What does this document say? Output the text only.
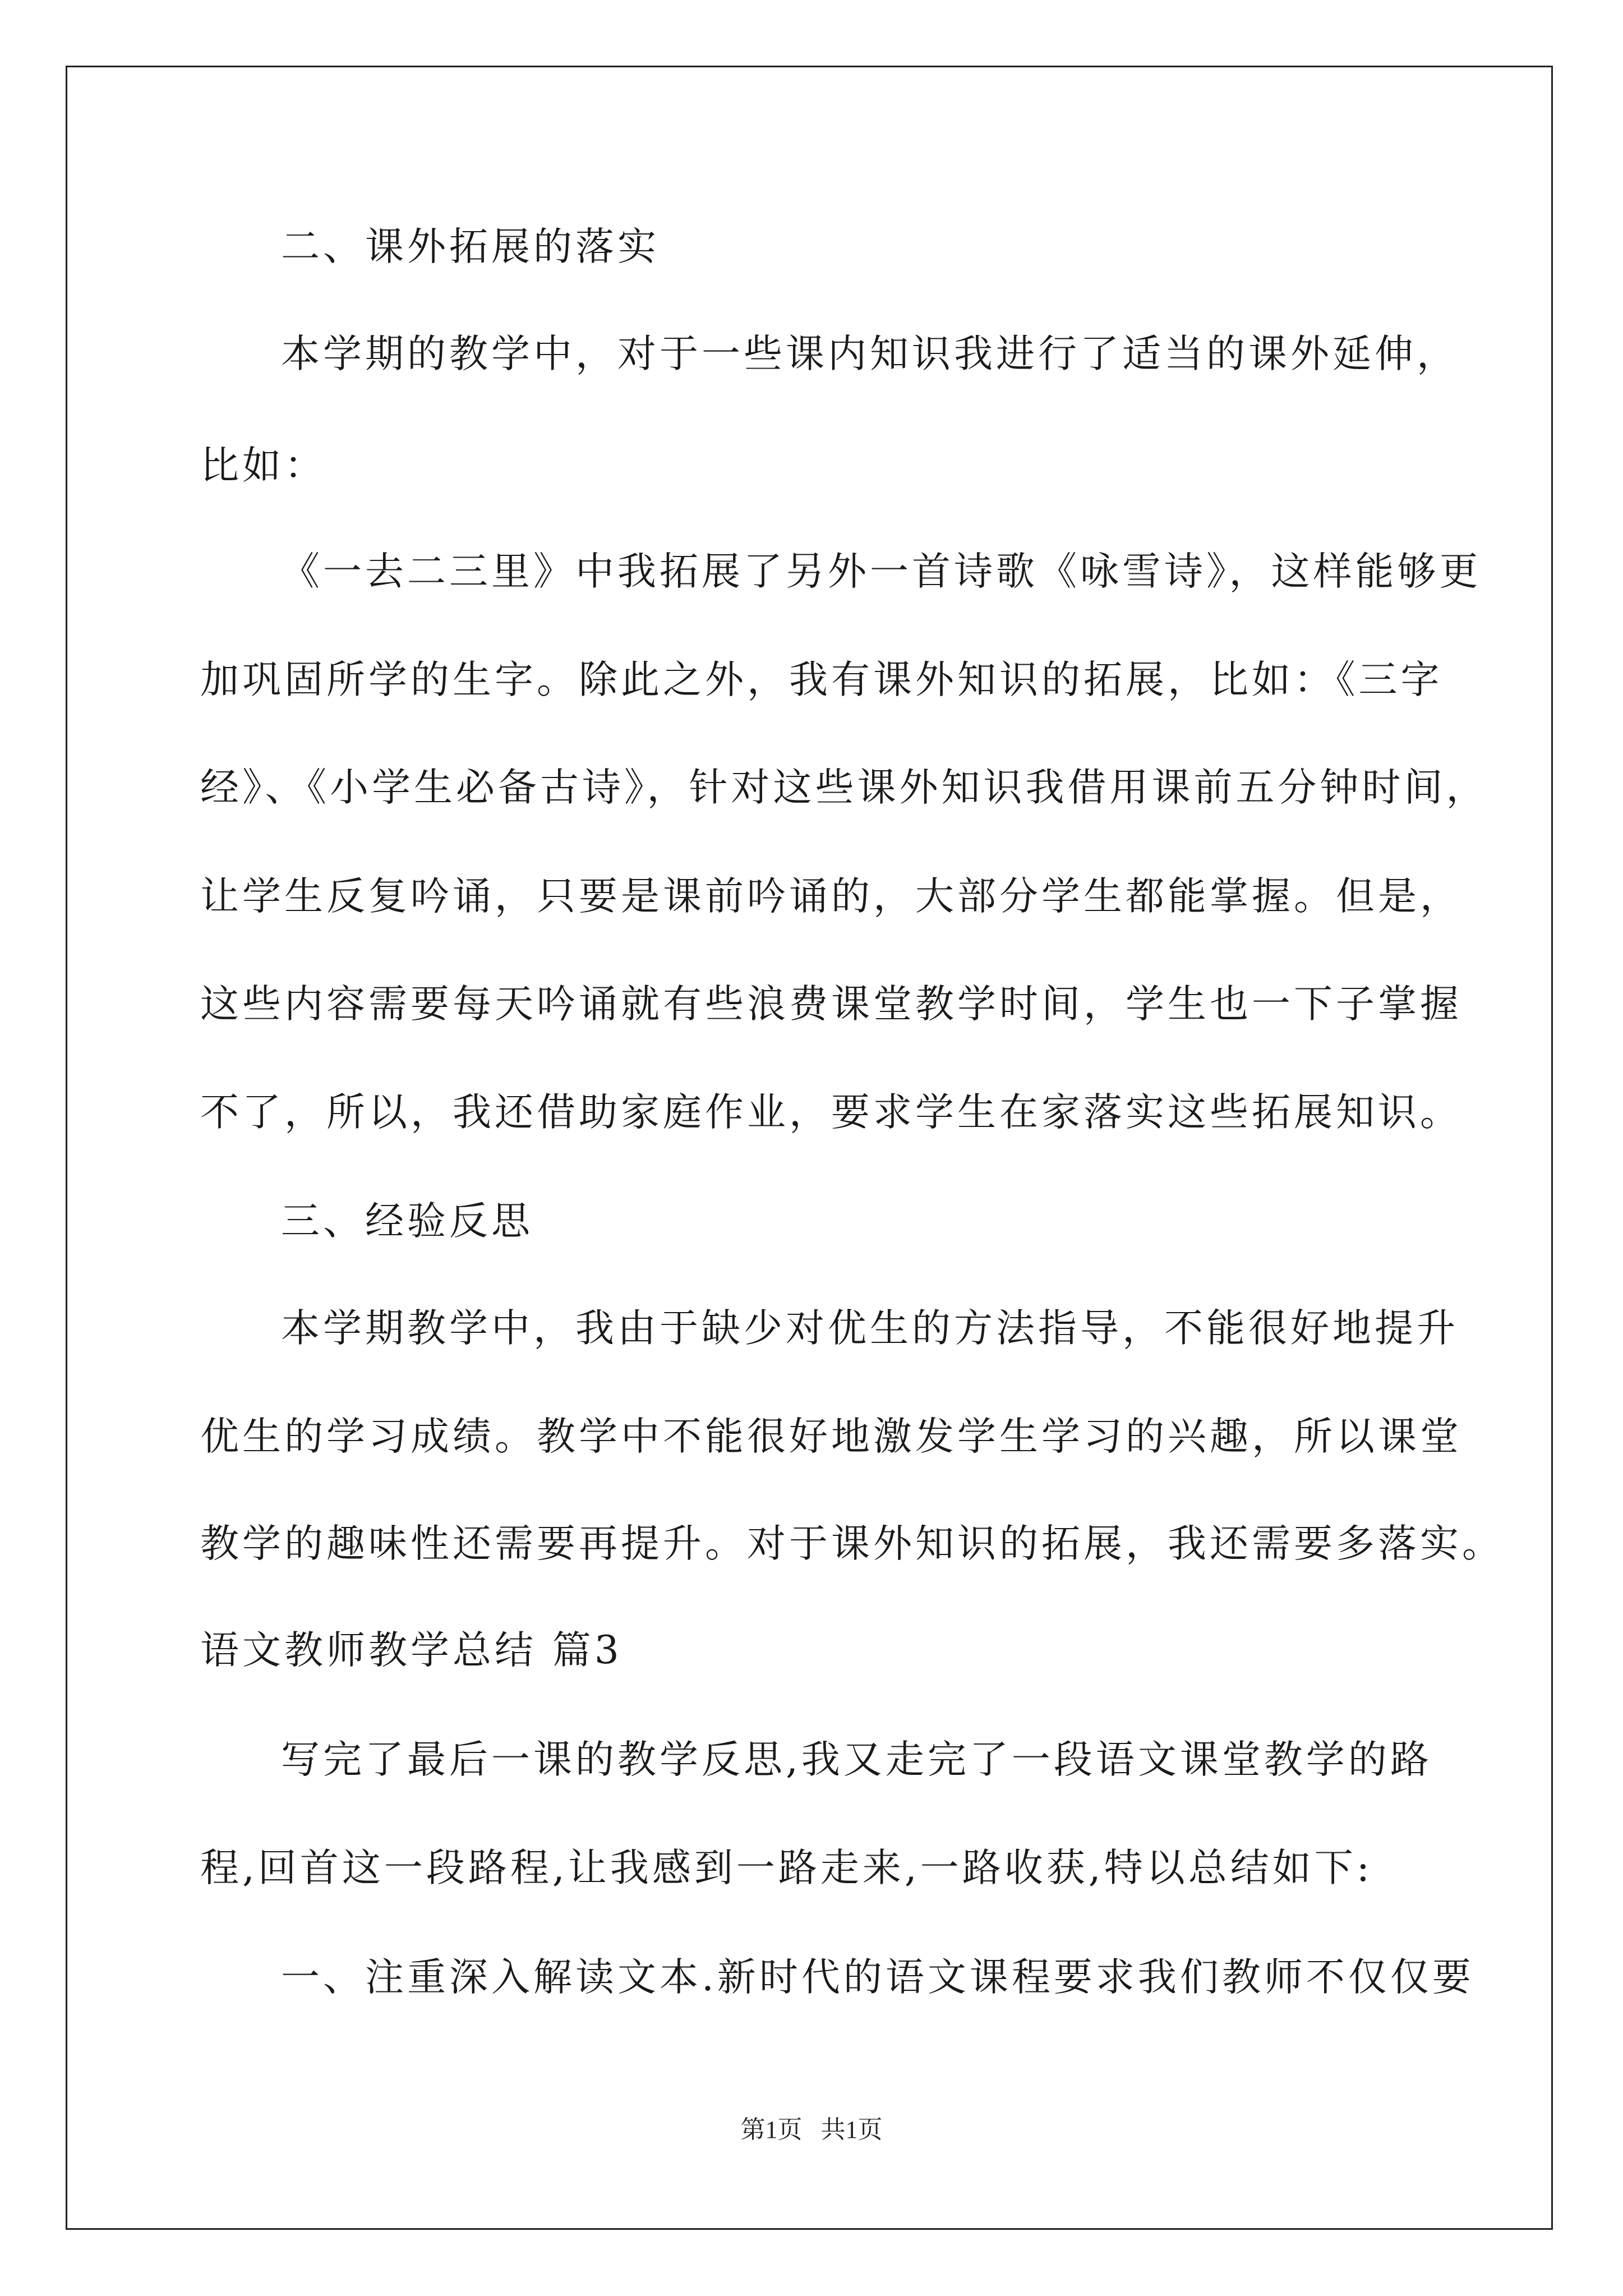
二、课外拓展的落实
本学期的教学中，对于一些课内知识我进行了适当的课外延伸，
比如：
《一去二三里》中我拓展了另外一首诗歌《咏雪诗》，这样能够更
加巩固所学的生字。除此之外，我有课外知识的拓展，比如：《三字
经》、《小学生必备古诗》，针对这些课外知识我借用课前五分钟时间，
让学生反复吟诵，只要是课前吟诵的，大部分学生都能掌握。但是，
这些内容需要每天吟诵就有些浪费课堂教学时间，学生也一下子掌握
不了，所以，我还借助家庭作业，要求学生在家落实这些拓展知识。
三、经验反思
本学期教学中，我由于缺少对优生的方法指导，不能很好地提升
优生的学习成绩。教学中不能很好地激发学生学习的兴趣，所以课堂
教学的趣味性还需要再提升。对于课外知识的拓展，我还需要多落实。
语文教师教学总结 篇3
写完了最后一课的教学反思,我又走完了一段语文课堂教学的路
程,回首这一段路程,让我感到一路走来,一路收获,特以总结如下:
一、注重深入解读文本.新时代的语文课程要求我们教师不仅仅要
第1页   共1页
